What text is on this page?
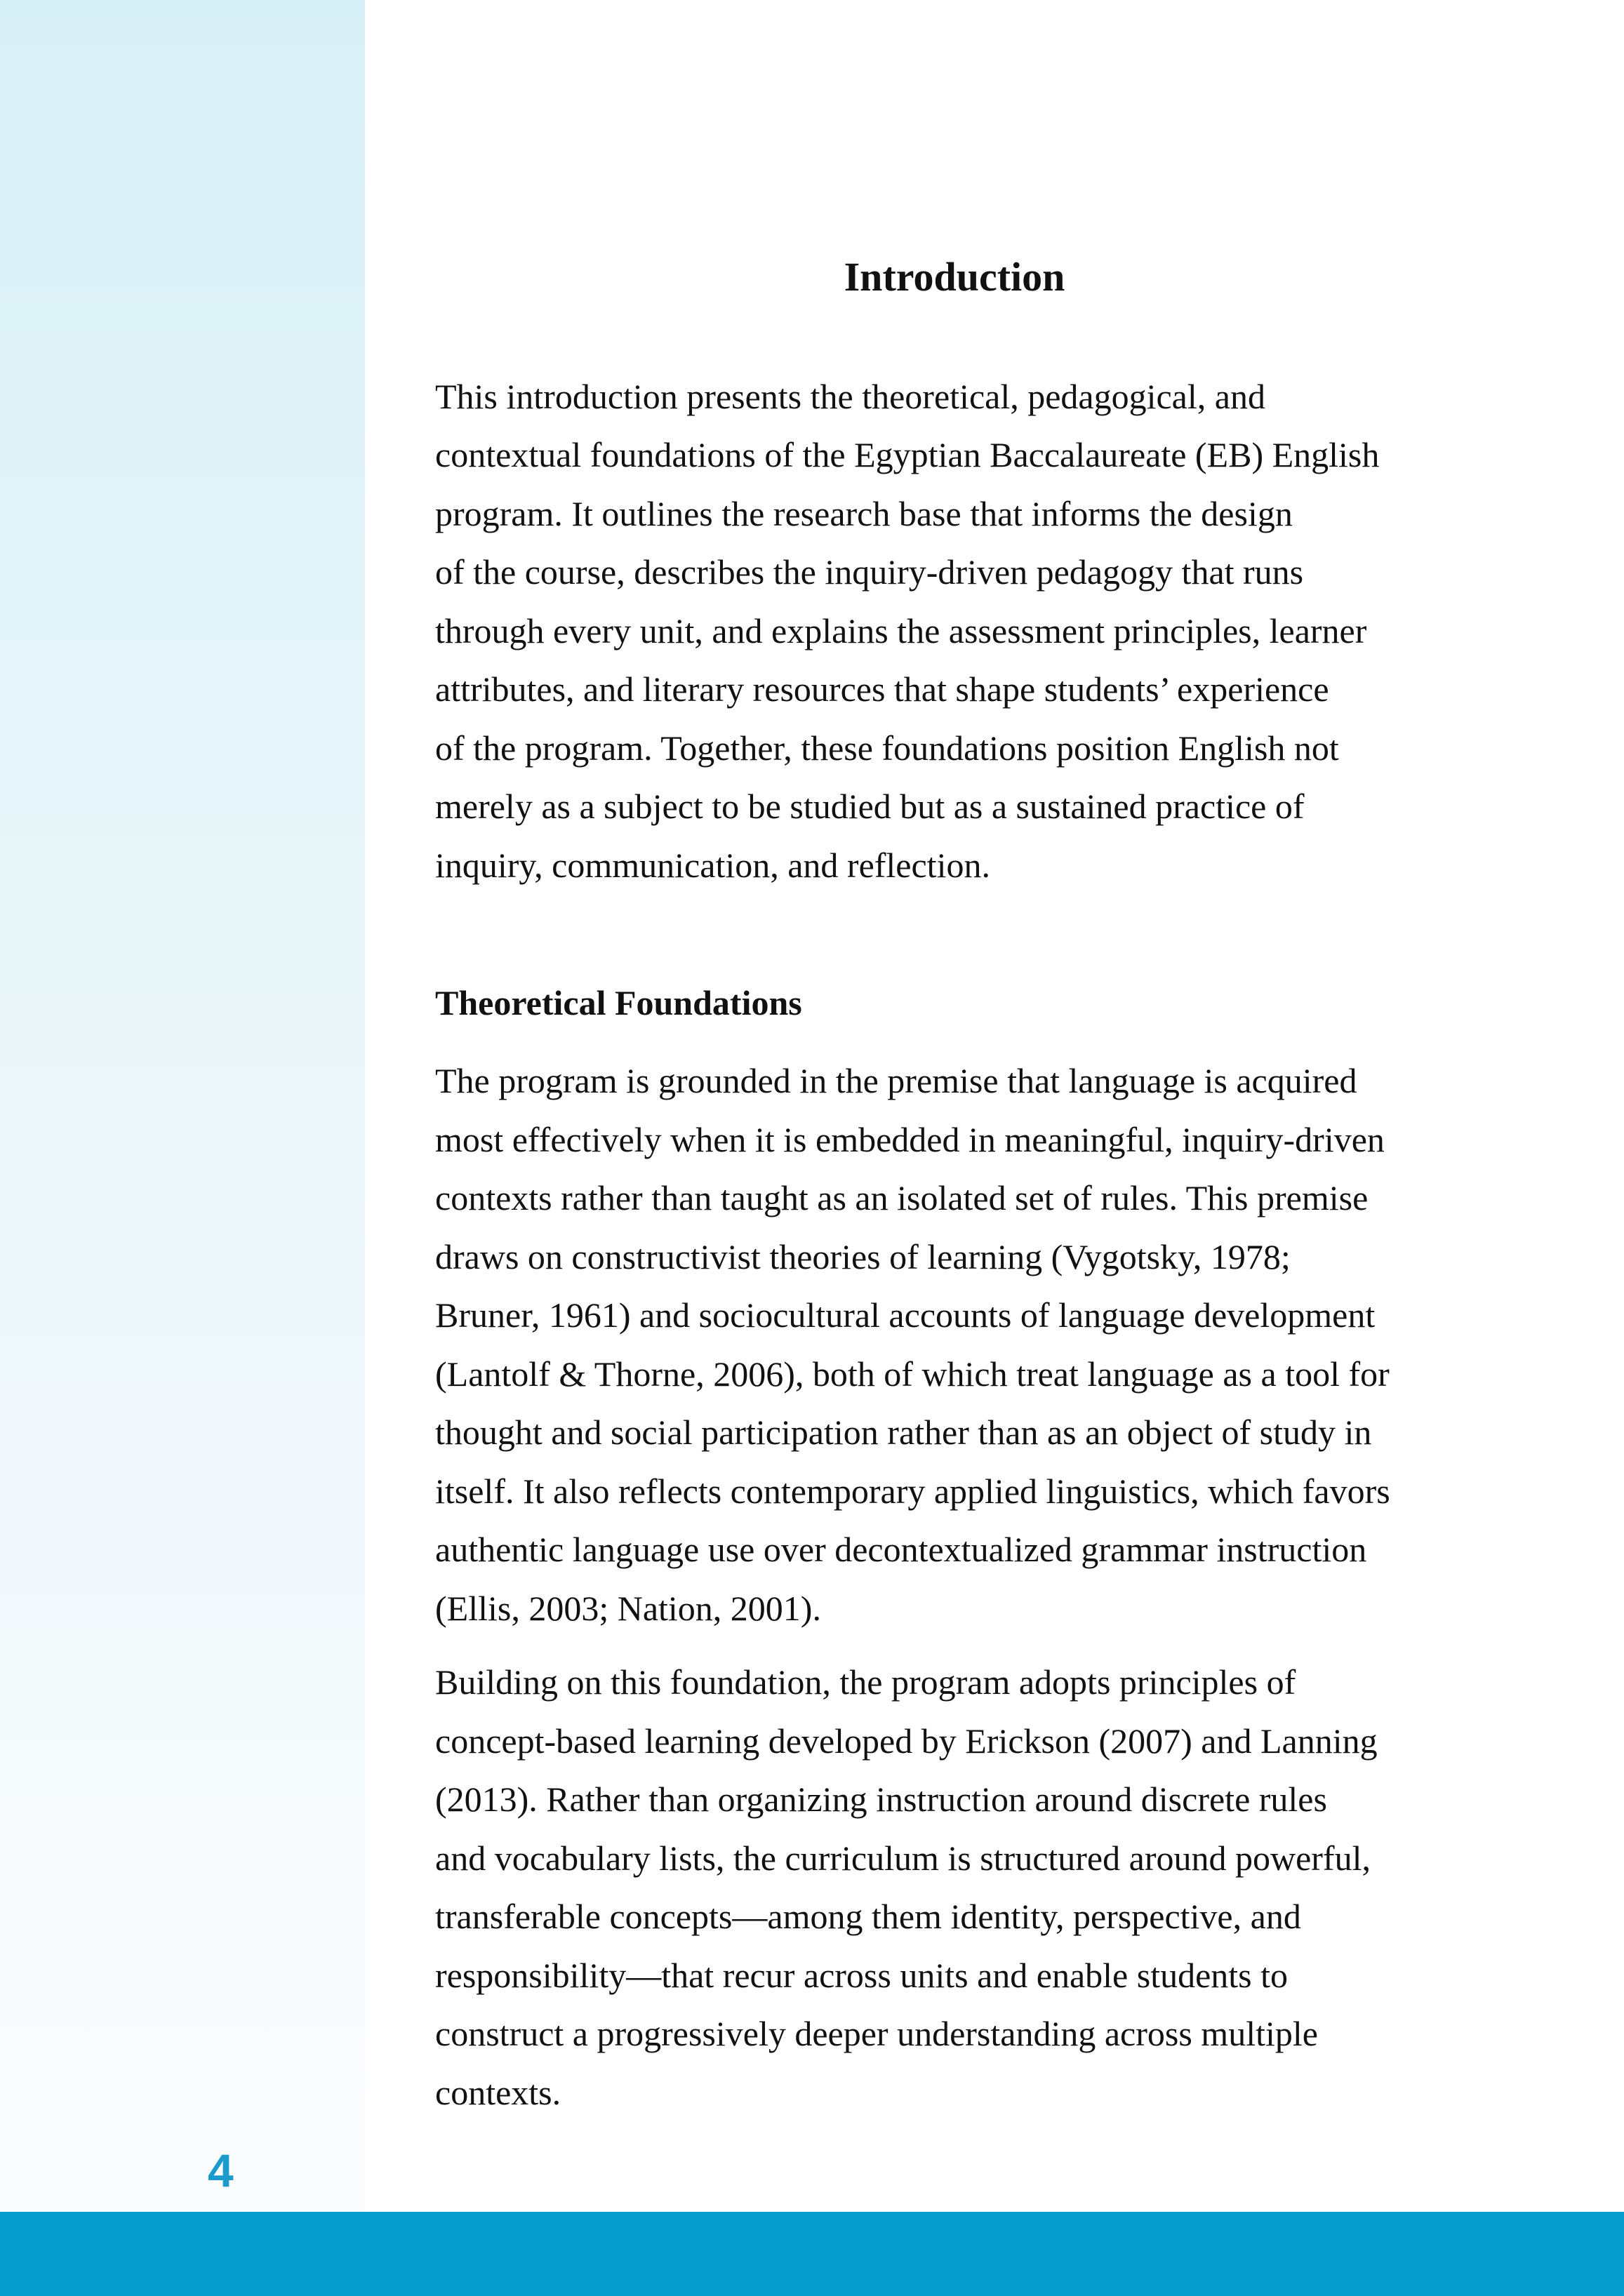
Introduction

This introduction presents the theoretical, pedagogical, and
contextual foundations of the Egyptian Baccalaureate (EB) English
program. It outlines the research base that informs the design
of the course, describes the inquiry-driven pedagogy that runs
through every unit, and explains the assessment principles, learner
attributes, and literary resources that shape students’ experience
of the program. Together, these foundations position English not
merely as a subject to be studied but as a sustained practice of
inquiry, communication, and reflection.

Theoretical Foundations

The program is grounded in the premise that language is acquired
most effectively when it is embedded in meaningful, inquiry-driven
contexts rather than taught as an isolated set of rules. This premise
draws on constructivist theories of learning (Vygotsky, 1978;
Bruner, 1961) and sociocultural accounts of language development
(Lantolf & Thorne, 2006), both of which treat language as a tool for
thought and social participation rather than as an object of study in
itself. It also reflects contemporary applied linguistics, which favors
authentic language use over decontextualized grammar instruction
(Ellis, 2003; Nation, 2001).

Building on this foundation, the program adopts principles of
concept-based learning developed by Erickson (2007) and Lanning
(2013). Rather than organizing instruction around discrete rules
and vocabulary lists, the curriculum is structured around powerful,
transferable concepts—among them identity, perspective, and
responsibility—that recur across units and enable students to
construct a progressively deeper understanding across multiple
contexts.

4
